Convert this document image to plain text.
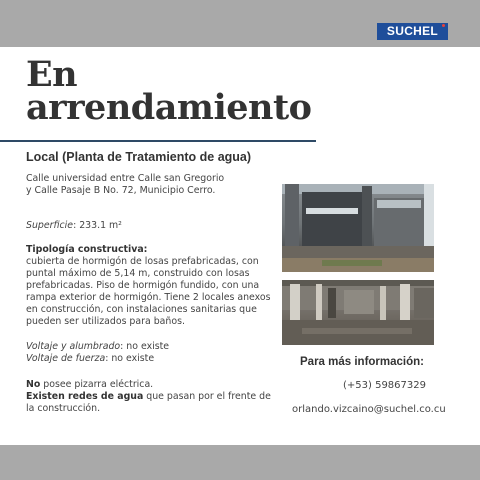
SUCHEL
En
arrendamiento

Local (Planta de Tratamiento de agua)

Calle universidad entre Calle san Gregorio
y Calle Pasaje B No. 72, Municipio Cerro.

Superficie: 233.1 m²

Tipología constructiva:
cubierta de hormigón de losas prefabricadas, con puntal máximo de 5,14 m, construido con losas prefabricadas. Piso de hormigón fundido, con una rampa exterior de hormigón. Tiene 2 locales anexos en construcción, con instalaciones sanitarias que pueden ser utilizados para baños.

Voltaje y alumbrado: no existe
Voltaje de fuerza: no existe

No posee pizarra eléctrica.
Existen redes de agua que pasan por el frente de la construcción.

Para más información:

(+53) 59867329

orlando.vizcaino@suchel.co.cu
